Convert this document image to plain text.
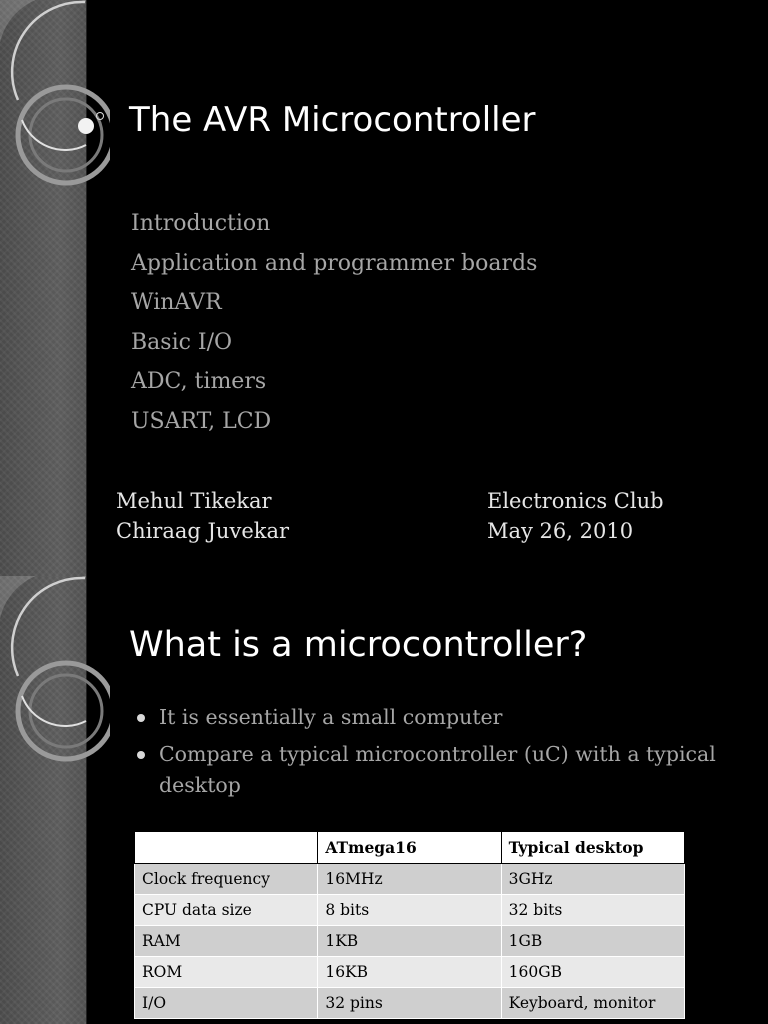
The AVR Microcontroller
Introduction
Application and programmer boards
WinAVR
Basic I/O
ADC, timers
USART, LCD
Mehul Tikekar
Chiraag Juvekar
Electronics Club
May 26, 2010
What is a microcontroller?
It is essentially a small computer
Compare a typical microcontroller (uC) with a typical desktop
	ATmega16	Typical desktop
Clock frequency	16MHz	3GHz
CPU data size	8 bits	32 bits
RAM	1KB	1GB
ROM	16KB	160GB
I/O	32 pins	Keyboard, monitor
